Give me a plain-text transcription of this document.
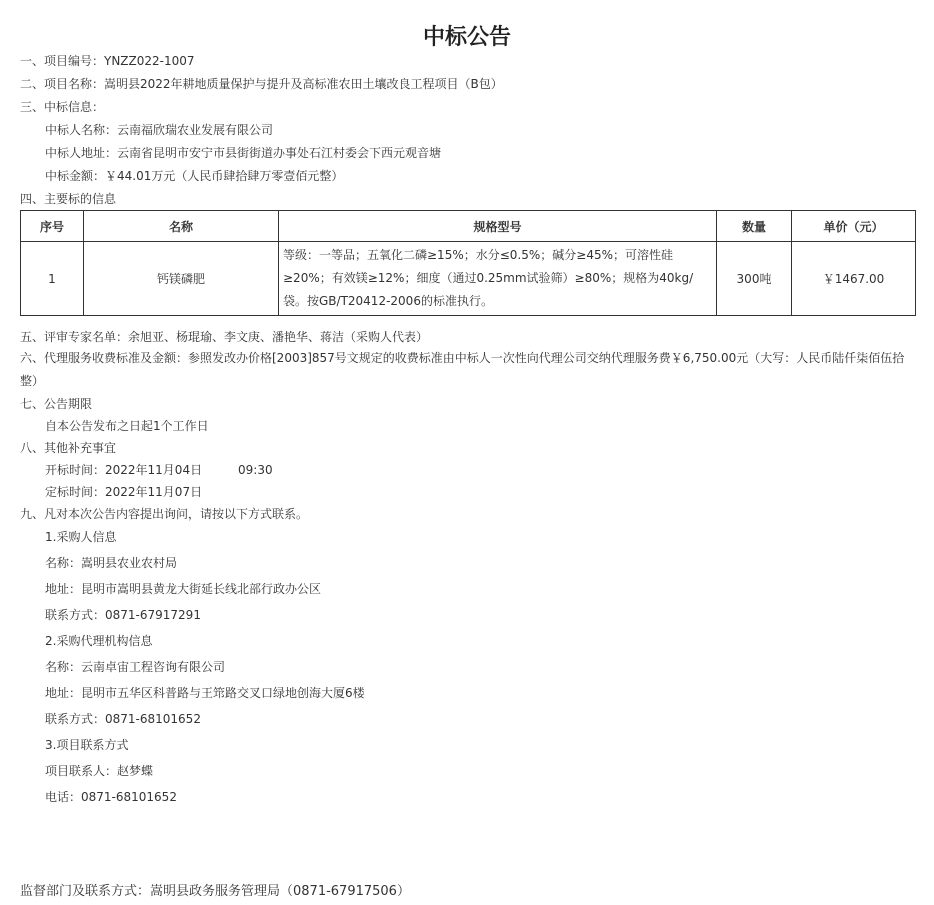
中标公告
一、项目编号：YNZZ022-1007
二、项目名称：嵩明县2022年耕地质量保护与提升及高标准农田土壤改良工程项目（B包）
三、中标信息：
中标人名称：云南福欣瑞农业发展有限公司
中标人地址：云南省昆明市安宁市县街街道办事处石江村委会下西元观音塘
中标金额：￥44.01万元（人民币肆拾肆万零壹佰元整）
四、主要标的信息
序号	名称	规格型号	数量	单价（元）
1	钙镁磷肥	等级：一等品；五氧化二磷≥15%；水分≤0.5%；碱分≥45%；可溶性硅≥20%；有效镁≥12%；细度（通过0.25mm试验筛）≥80%；规格为40kg/袋。按GB/T20412-2006的标准执行。	300吨	￥1467.00
五、评审专家名单：余旭亚、杨琨瑜、李文庚、潘艳华、蒋洁（采购人代表）
六、代理服务收费标准及金额：参照发改办价格[2003]857号文规定的收费标准由中标人一次性向代理公司交纳代理服务费￥6,750.00元（大写：人民币陆仟柒佰伍拾整）
七、公告期限
自本公告发布之日起1个工作日
八、其他补充事宜
开标时间：2022年11月04日	09:30
定标时间：2022年11月07日
九、凡对本次公告内容提出询问，请按以下方式联系。
1.采购人信息
名称：嵩明县农业农村局
地址：昆明市嵩明县黄龙大街延长线北部行政办公区
联系方式：0871-67917291
2.采购代理机构信息
名称：云南卓宙工程咨询有限公司
地址：昆明市五华区科普路与王筇路交叉口绿地创海大厦6楼
联系方式：0871-68101652
3.项目联系方式
项目联系人：赵梦蝶
电话：0871-68101652
监督部门及联系方式：嵩明县政务服务管理局（0871-67917506）
